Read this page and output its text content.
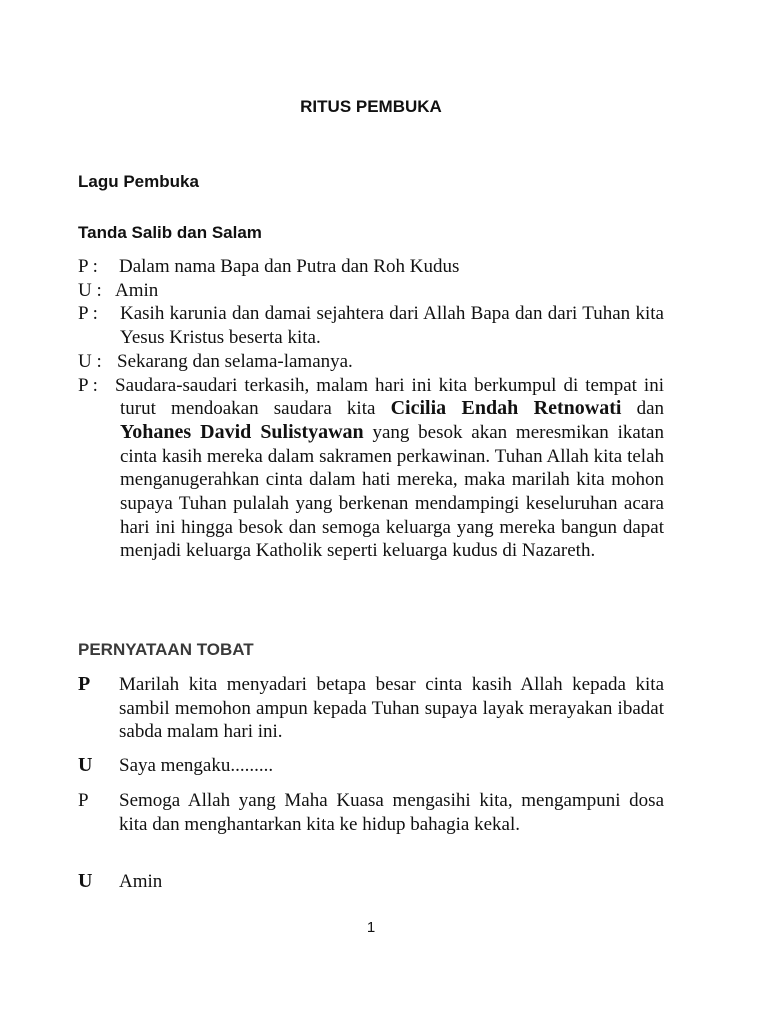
RITUS PEMBUKA
Lagu Pembuka
Tanda Salib dan Salam
P :	Dalam nama Bapa dan Putra dan Roh Kudus
U : Amin
P :	Kasih karunia dan damai sejahtera dari Allah Bapa dan dari Tuhan kita Yesus Kristus beserta kita.
U : Sekarang dan selama-lamanya.
P : Saudara-saudari terkasih, malam hari ini kita berkumpul di tempat ini turut mendoakan saudara kita Cicilia Endah Retnowati dan Yohanes David Sulistyawan yang besok akan meresmikan ikatan cinta kasih mereka dalam sakramen perkawinan. Tuhan Allah kita telah menganugerahkan cinta dalam hati mereka, maka marilah kita mohon supaya Tuhan pulalah yang berkenan mendampingi keseluruhan acara hari ini hingga besok dan semoga keluarga yang mereka bangun dapat menjadi keluarga Katholik seperti keluarga kudus di Nazareth.
PERNYATAAN TOBAT
P	Marilah kita menyadari betapa besar cinta kasih Allah kepada kita sambil memohon ampun kepada Tuhan supaya layak merayakan ibadat sabda malam hari ini.
U	Saya mengaku.........
P	Semoga Allah yang Maha Kuasa mengasihi kita, mengampuni dosa kita dan menghantarkan kita ke hidup bahagia kekal.
U	Amin
1
